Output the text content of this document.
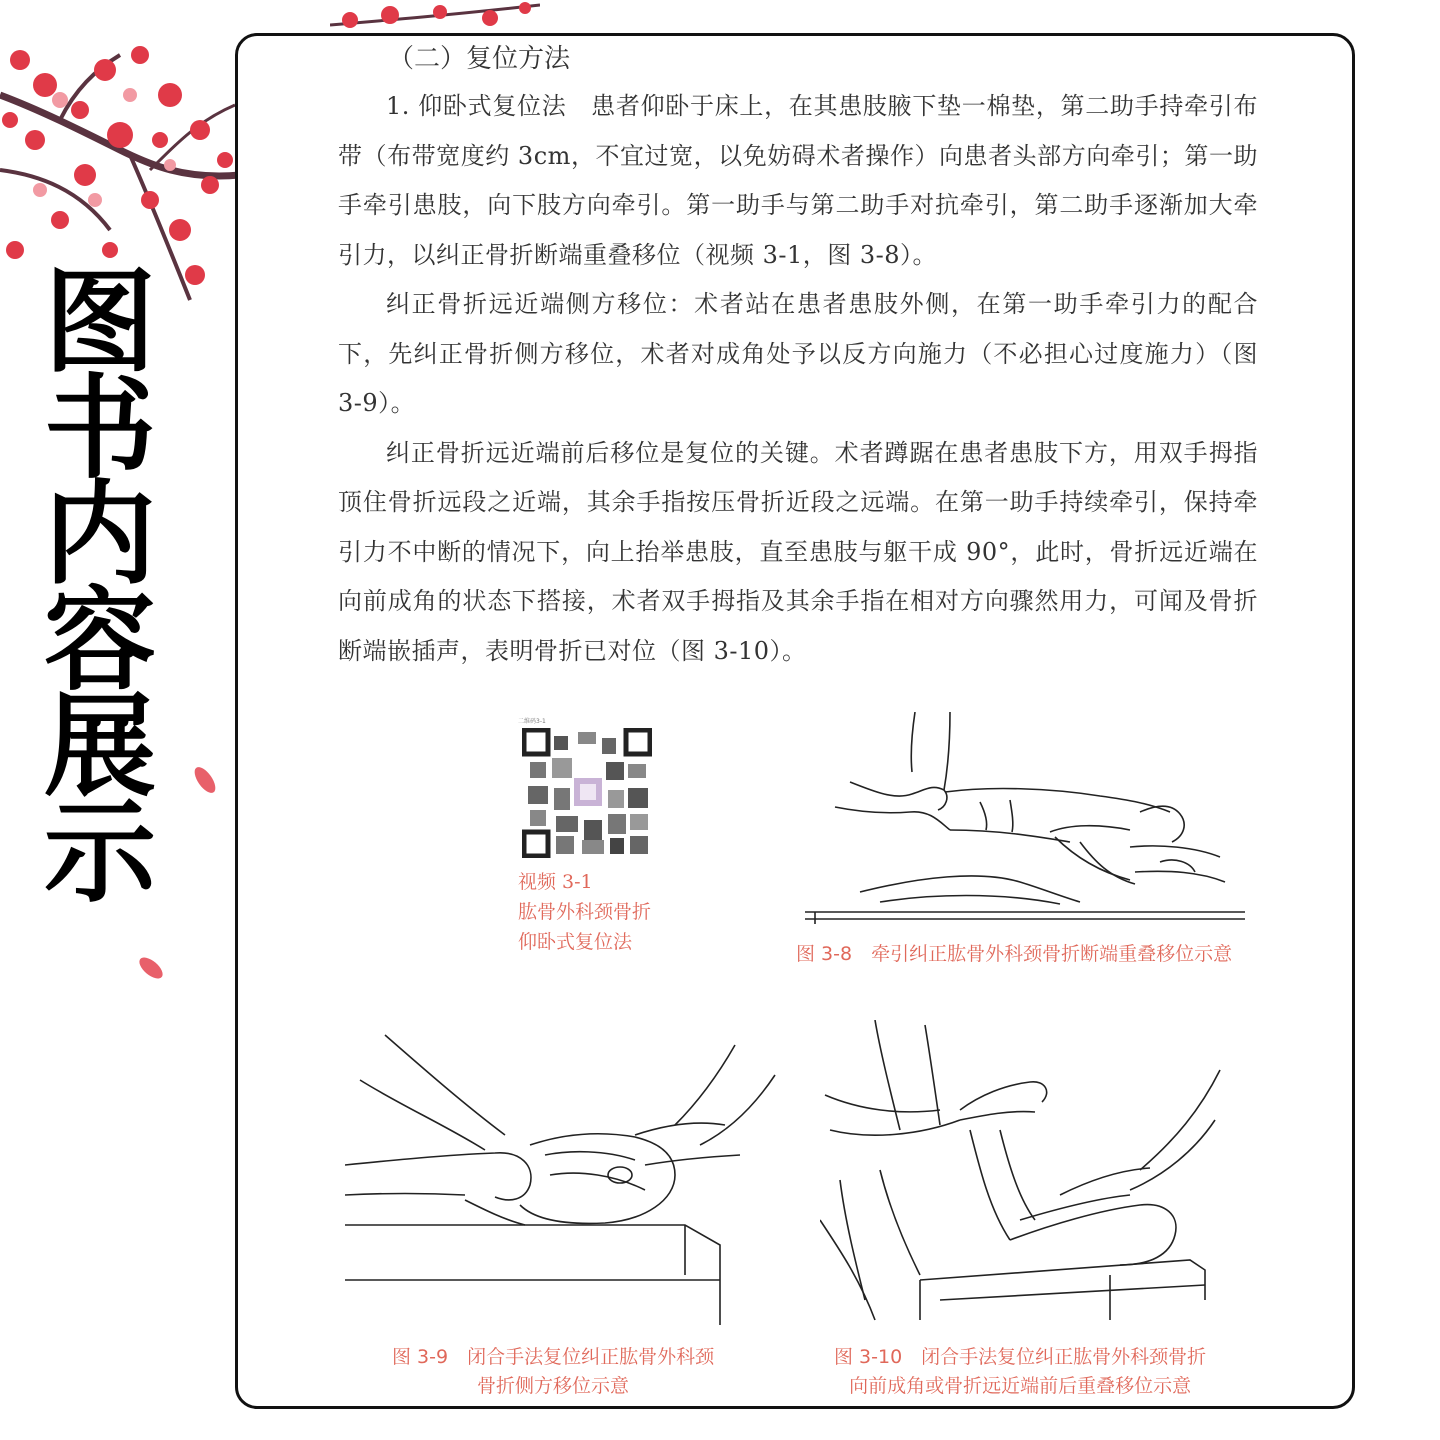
图
书
内
容
展
示
（二）复位方法

1. 仰卧式复位法　患者仰卧于床上，在其患肢腋下垫一棉垫，第二助手持牵引布带（布带宽度约 3cm，不宜过宽，以免妨碍术者操作）向患者头部方向牵引；第一助手牵引患肢，向下肢方向牵引。第一助手与第二助手对抗牵引，第二助手逐渐加大牵引力，以纠正骨折断端重叠移位（视频 3-1，图 3-8）。

纠正骨折远近端侧方移位：术者站在患者患肢外侧，在第一助手牵引力的配合下，先纠正骨折侧方移位，术者对成角处予以反方向施力（不必担心过度施力）（图 3-9）。

纠正骨折远近端前后移位是复位的关键。术者蹲踞在患者患肢下方，用双手拇指顶住骨折远段之近端，其余手指按压骨折近段之远端。在第一助手持续牵引，保持牵引力不中断的情况下，向上抬举患肢，直至患肢与躯干成 90°，此时，骨折远近端在向前成角的状态下搭接，术者双手拇指及其余手指在相对方向骤然用力，可闻及骨折断端嵌插声，表明骨折已对位（图 3-10）。

二维码3-1
视频 3-1
肱骨外科颈骨折
仰卧式复位法
图 3-8　牵引纠正肱骨外科颈骨折断端重叠移位示意
图 3-9　闭合手法复位纠正肱骨外科颈
骨折侧方移位示意
图 3-10　闭合手法复位纠正肱骨外科颈骨折
向前成角或骨折远近端前后重叠移位示意
